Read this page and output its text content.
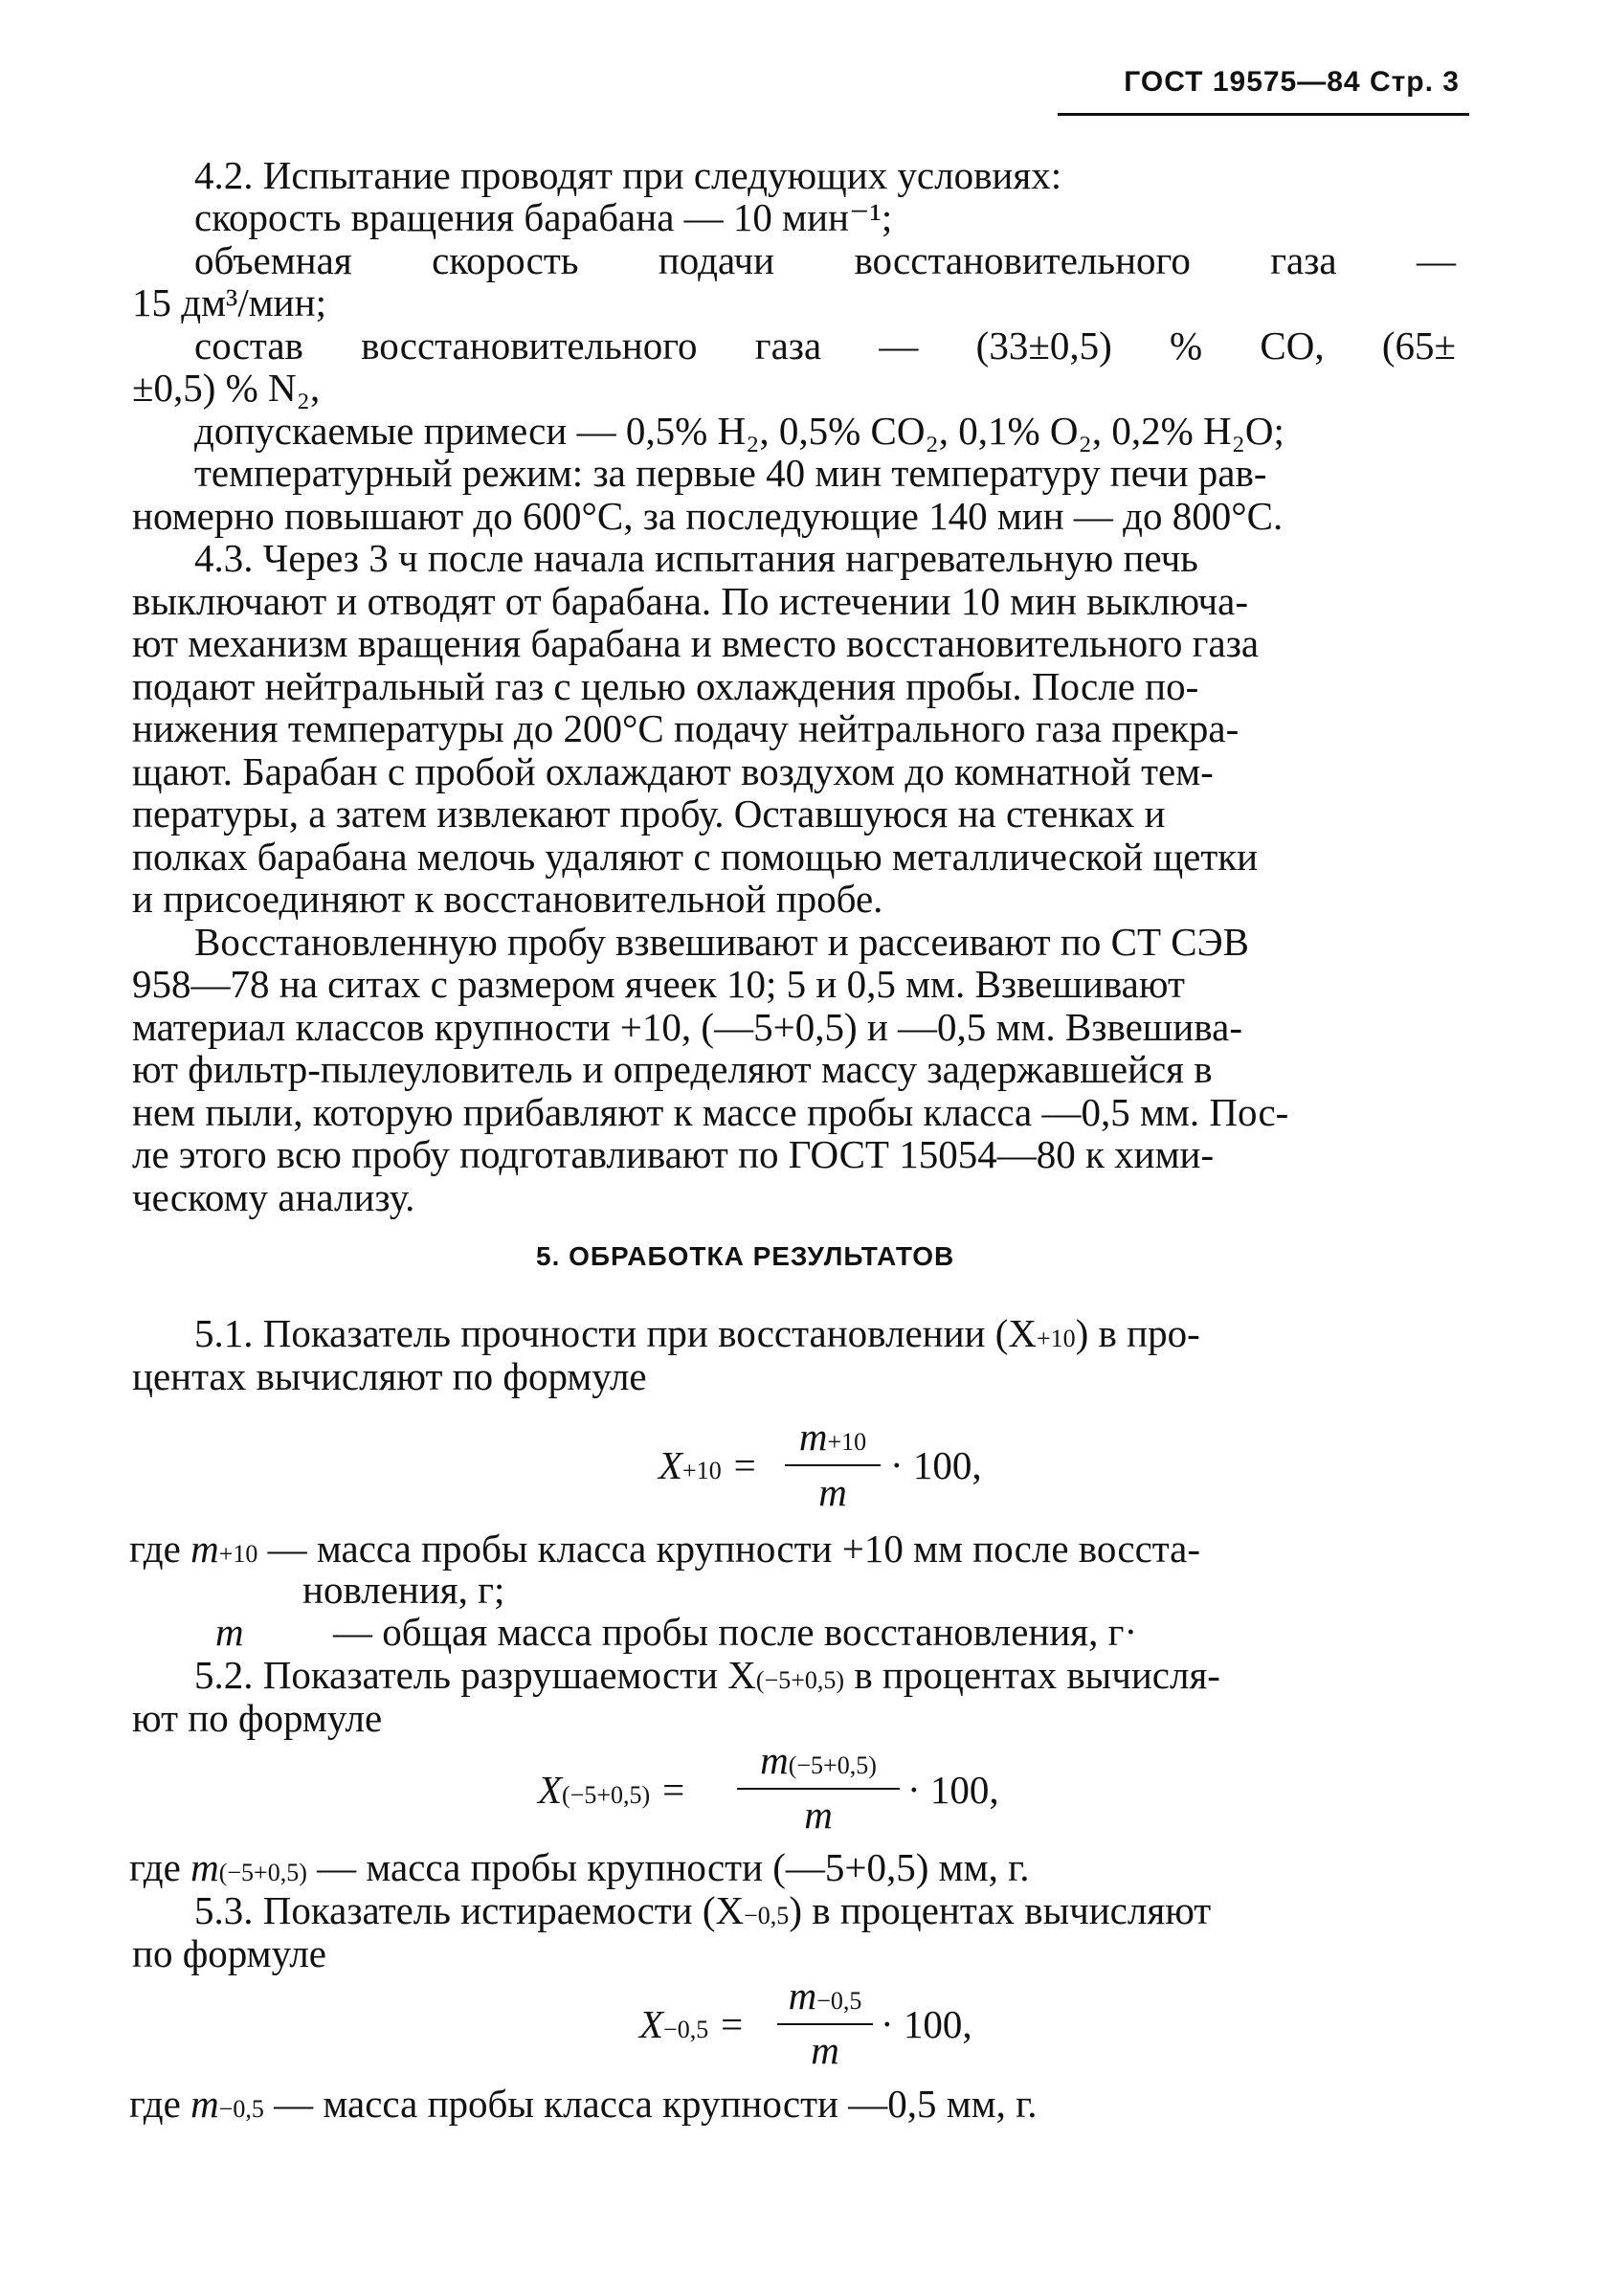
ГОСТ 19575—84 Стр. 3
4.2. Испытание проводят при следующих условиях:
скорость вращения барабана — 10 мин⁻¹;
объемная скорость подачи восстановительного газа —
15 дм³/мин;
состав восстановительного газа — (33±0,5) % CO, (65±
±0,5) % N₂,
допускаемые примеси — 0,5% H₂, 0,5% CO₂, 0,1% O₂, 0,2% H₂O;
температурный режим: за первые 40 мин температуру печи рав-
номерно повышают до 600°C, за последующие 140 мин — до 800°C.
4.3. Через 3 ч после начала испытания нагревательную печь
выключают и отводят от барабана. По истечении 10 мин выключа-
ют механизм вращения барабана и вместо восстановительного газа
подают нейтральный газ с целью охлаждения пробы. После по-
нижения температуры до 200°C подачу нейтрального газа прекра-
щают. Барабан с пробой охлаждают воздухом до комнатной тем-
пературы, а затем извлекают пробу. Оставшуюся на стенках и
полках барабана мелочь удаляют с помощью металлической щетки
и присоединяют к восстановительной пробе.
Восстановленную пробу взвешивают и рассеивают по СТ СЭВ
958—78 на ситах с размером ячеек 10; 5 и 0,5 мм. Взвешивают
материал классов крупности +10, (—5+0,5) и —0,5 мм. Взвешива-
ют фильтр-пылеуловитель и определяют массу задержавшейся в
нем пыли, которую прибавляют к массе пробы класса —0,5 мм. Пос-
ле этого всю пробу подготавливают по ГОСТ 15054—80 к хими-
ческому анализу.
5. ОБРАБОТКА РЕЗУЛЬТАТОВ
5.1. Показатель прочности при восстановлении (X+10) в про-
центах вычисляют по формуле
X+10 =
m+10
m
· 100,
где m+10 — масса пробы класса крупности +10 мм после восста-
новления, г;
m — общая масса пробы после восстановления, г·
5.2. Показатель разрушаемости X(−5+0,5) в процентах вычисля-
ют по формуле
X(−5+0,5) =
m(−5+0,5)
m
· 100,
где m(−5+0,5) — масса пробы крупности (—5+0,5) мм, г.
5.3. Показатель истираемости (X−0,5) в процентах вычисляют
по формуле
X−0,5 =
m−0,5
m
· 100,
где m−0,5 — масса пробы класса крупности —0,5 мм, г.
